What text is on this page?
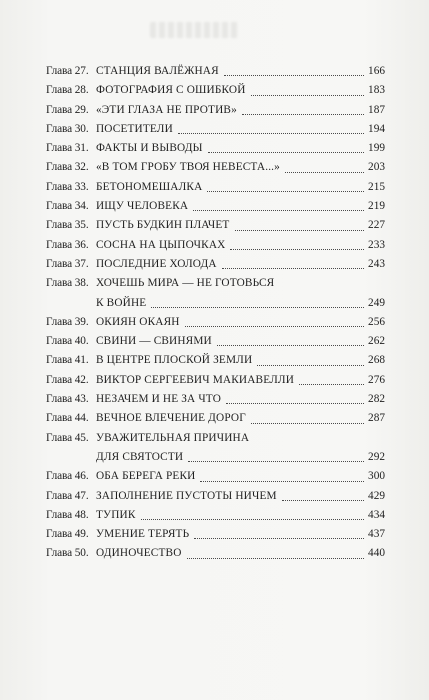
Глава 27. СТАНЦИЯ ВАЛЁЖНАЯ	166
Глава 28. ФОТОГРАФИЯ С ОШИБКОЙ	183
Глава 29. «ЭТИ ГЛАЗА НЕ ПРОТИВ»	187
Глава 30. ПОСЕТИТЕЛИ	194
Глава 31. ФАКТЫ И ВЫВОДЫ	199
Глава 32. «В ТОМ ГРОБУ ТВОЯ НЕВЕСТА...»	203
Глава 33. БЕТОНОМЕШАЛКА	215
Глава 34. ИЩУ ЧЕЛОВЕКА	219
Глава 35. ПУСТЬ БУДКИН ПЛАЧЕТ	227
Глава 36. СОСНА НА ЦЫПОЧКАХ	233
Глава 37. ПОСЛЕДНИЕ ХОЛОДА	243
Глава 38. ХОЧЕШЬ МИРА — НЕ ГОТОВЬСЯ
К ВОЙНЕ	249
Глава 39. ОКИЯН ОКАЯН	256
Глава 40. СВИНИ — СВИНЯМИ	262
Глава 41. В ЦЕНТРЕ ПЛОСКОЙ ЗЕМЛИ	268
Глава 42. ВИКТОР СЕРГЕЕВИЧ МАКИАВЕЛЛИ	276
Глава 43. НЕЗАЧЕМ И НЕ ЗА ЧТО	282
Глава 44. ВЕЧНОЕ ВЛЕЧЕНИЕ ДОРОГ	287
Глава 45. УВАЖИТЕЛЬНАЯ ПРИЧИНА
ДЛЯ СВЯТОСТИ	292
Глава 46. ОБА БЕРЕГА РЕКИ	300
Глава 47. ЗАПОЛНЕНИЕ ПУСТОТЫ НИЧЕМ	429
Глава 48. ТУПИК	434
Глава 49. УМЕНИЕ ТЕРЯТЬ	437
Глава 50. ОДИНОЧЕСТВО	440
